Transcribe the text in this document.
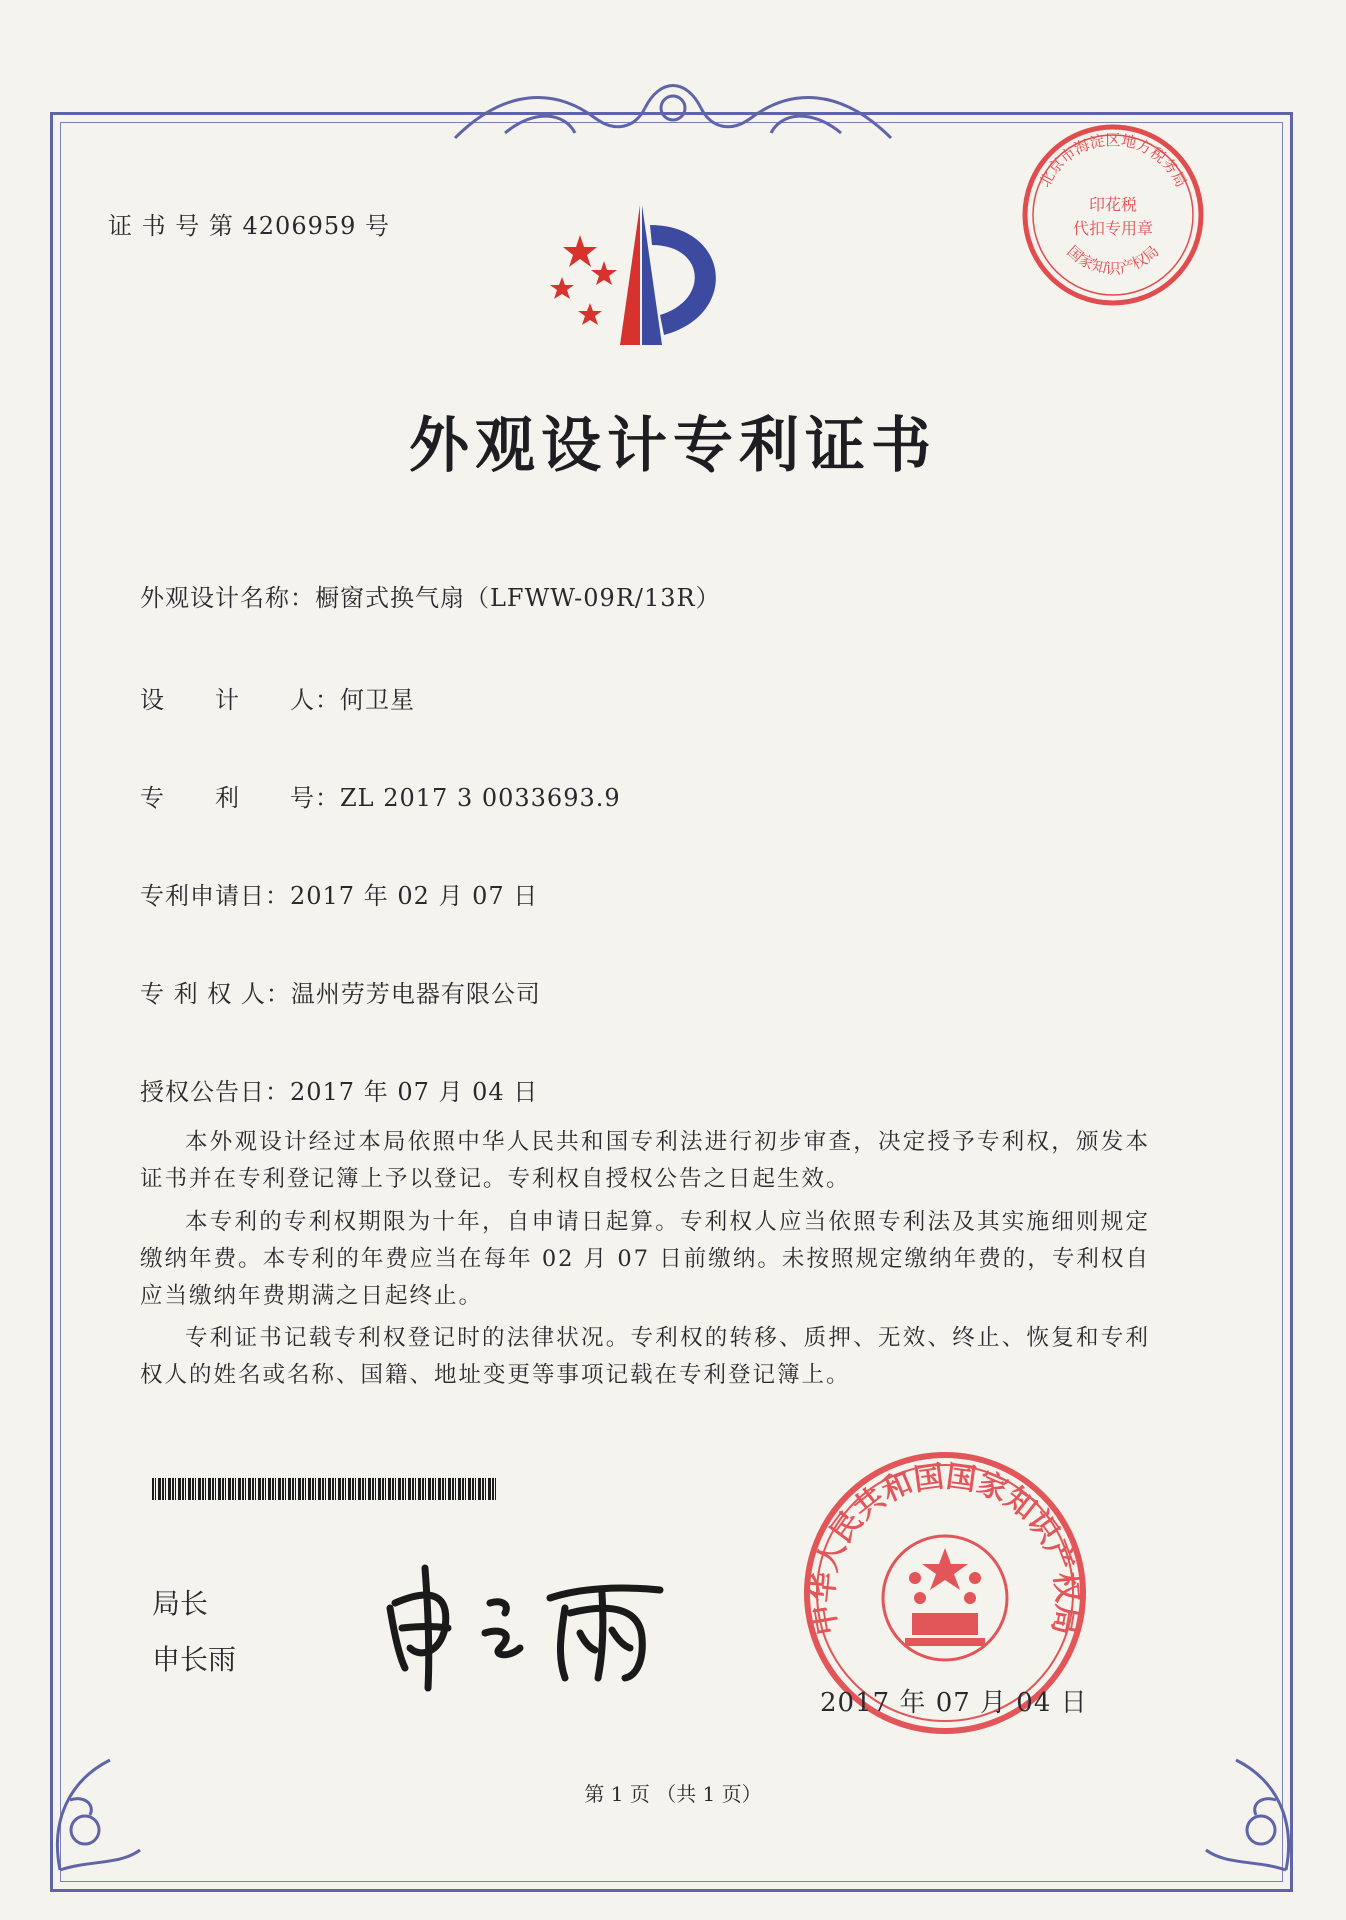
北京市海淀区地方税务局
国家知识产权局
印花税
代扣专用章
证 书 号 第 4206959 号
外观设计专利证书
外观设计名称：橱窗式换气扇（LFWW-09R/13R）
设　　计　　人：何卫星
专　　利　　号：ZL 2017 3 0033693.9
专利申请日：2017 年 02 月 07 日
专 利 权 人：温州劳芳电器有限公司
授权公告日：2017 年 07 月 04 日
本外观设计经过本局依照中华人民共和国专利法进行初步审查，决定授予专利权，颁发本证书并在专利登记簿上予以登记。专利权自授权公告之日起生效。
本专利的专利权期限为十年，自申请日起算。专利权人应当依照专利法及其实施细则规定缴纳年费。本专利的年费应当在每年 02 月 07 日前缴纳。未按照规定缴纳年费的，专利权自应当缴纳年费期满之日起终止。
专利证书记载专利权登记时的法律状况。专利权的转移、质押、无效、终止、恢复和专利权人的姓名或名称、国籍、地址变更等事项记载在专利登记簿上。
局长
申长雨
中华人民共和国国家知识产权局
2017 年 07 月 04 日
第 1 页 （共 1 页）
